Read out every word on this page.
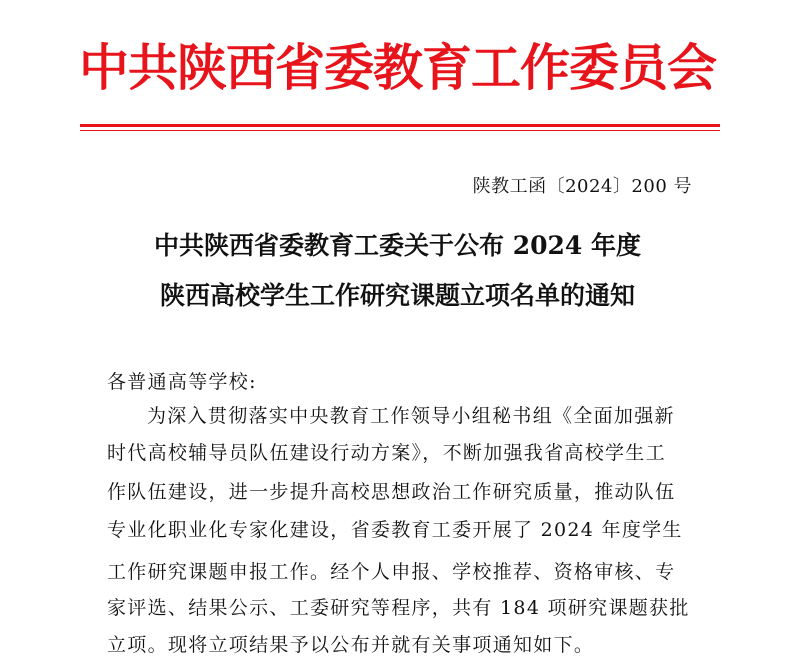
中共陕西省委教育工作委员会
陕教工函〔2024〕200 号
中共陕西省委教育工委关于公布 2024 年度
陕西高校学生工作研究课题立项名单的通知
各普通高等学校:
为深入贯彻落实中央教育工作领导小组秘书组《全面加强新
时代高校辅导员队伍建设行动方案》，不断加强我省高校学生工
作队伍建设，进一步提升高校思想政治工作研究质量，推动队伍
专业化职业化专家化建设，省委教育工委开展了 2024 年度学生
工作研究课题申报工作。经个人申报、学校推荐、资格审核、专
家评选、结果公示、工委研究等程序，共有 184 项研究课题获批
立项。现将立项结果予以公布并就有关事项通知如下。
